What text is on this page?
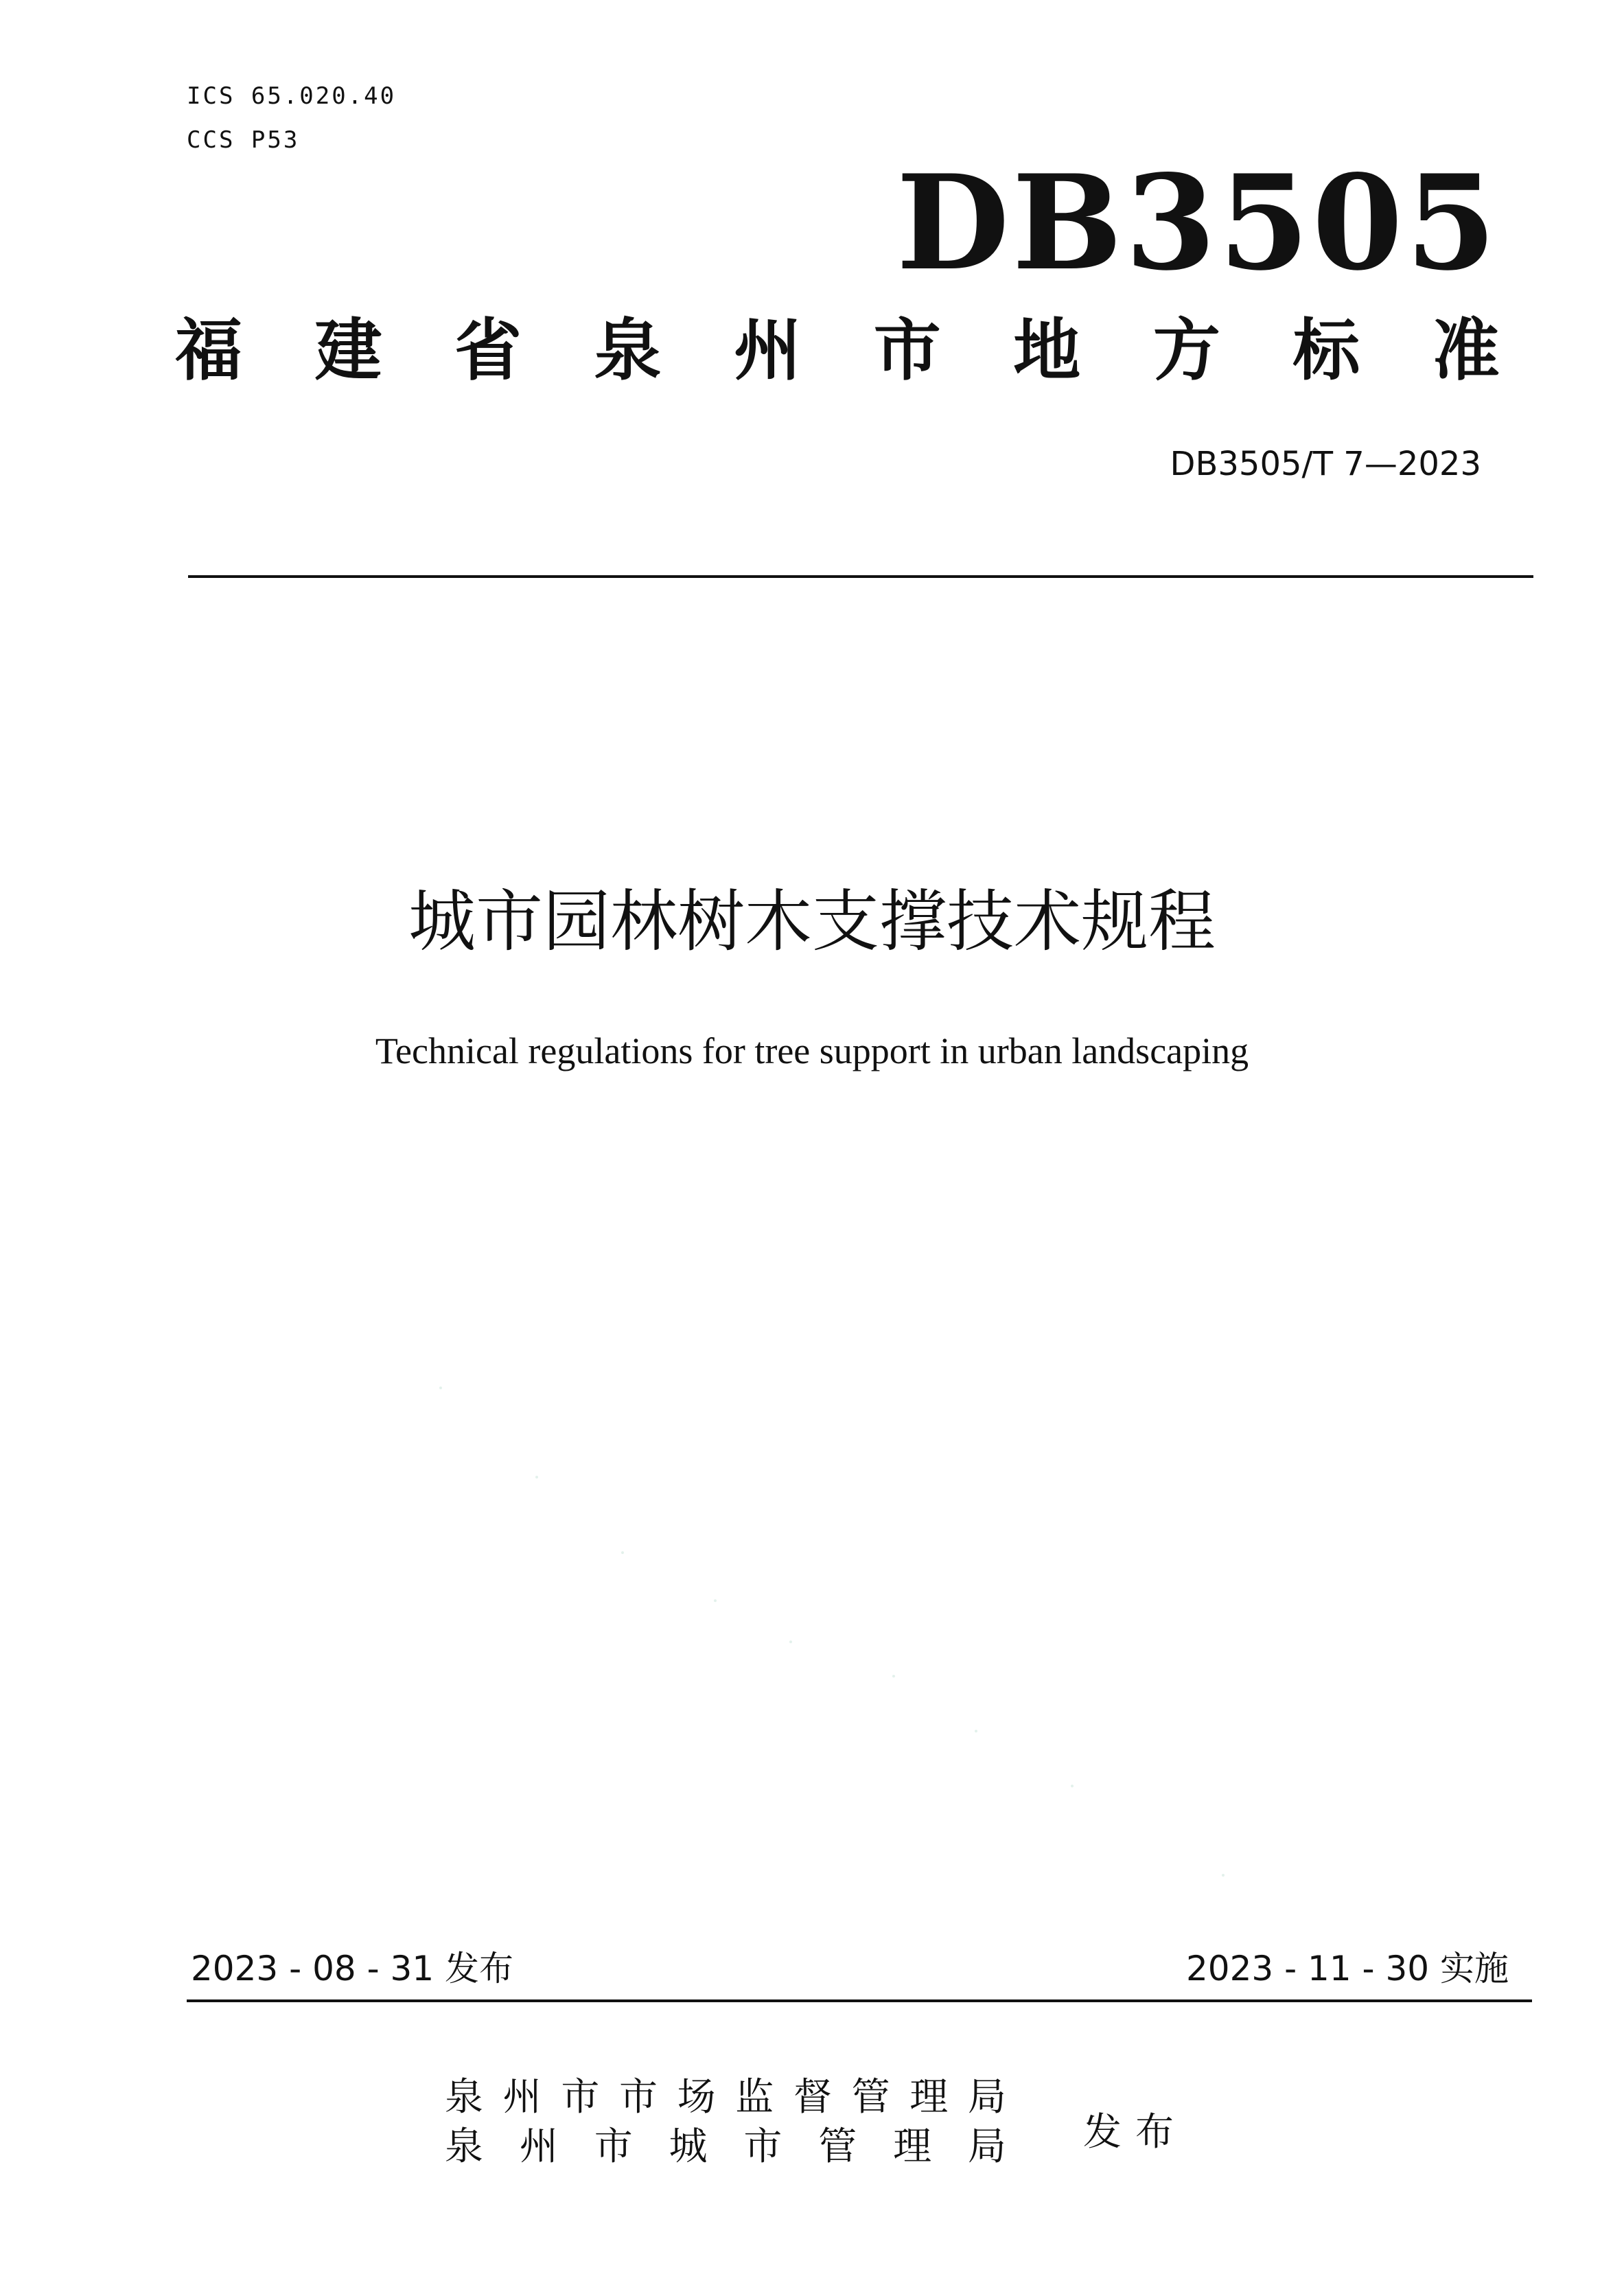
ICS 65.020.40
CCS P53
DB3505
福 建 省 泉 州 市 地 方 标 准
DB3505/T 7—2023
城市园林树木支撑技术规程
Technical regulations for tree support in urban landscaping
2023 - 08 - 31 发布	2023 - 11 - 30 实施
泉 州 市 市 场 监 督 管 理 局
泉 州 市 城 市 管 理 局 发布
